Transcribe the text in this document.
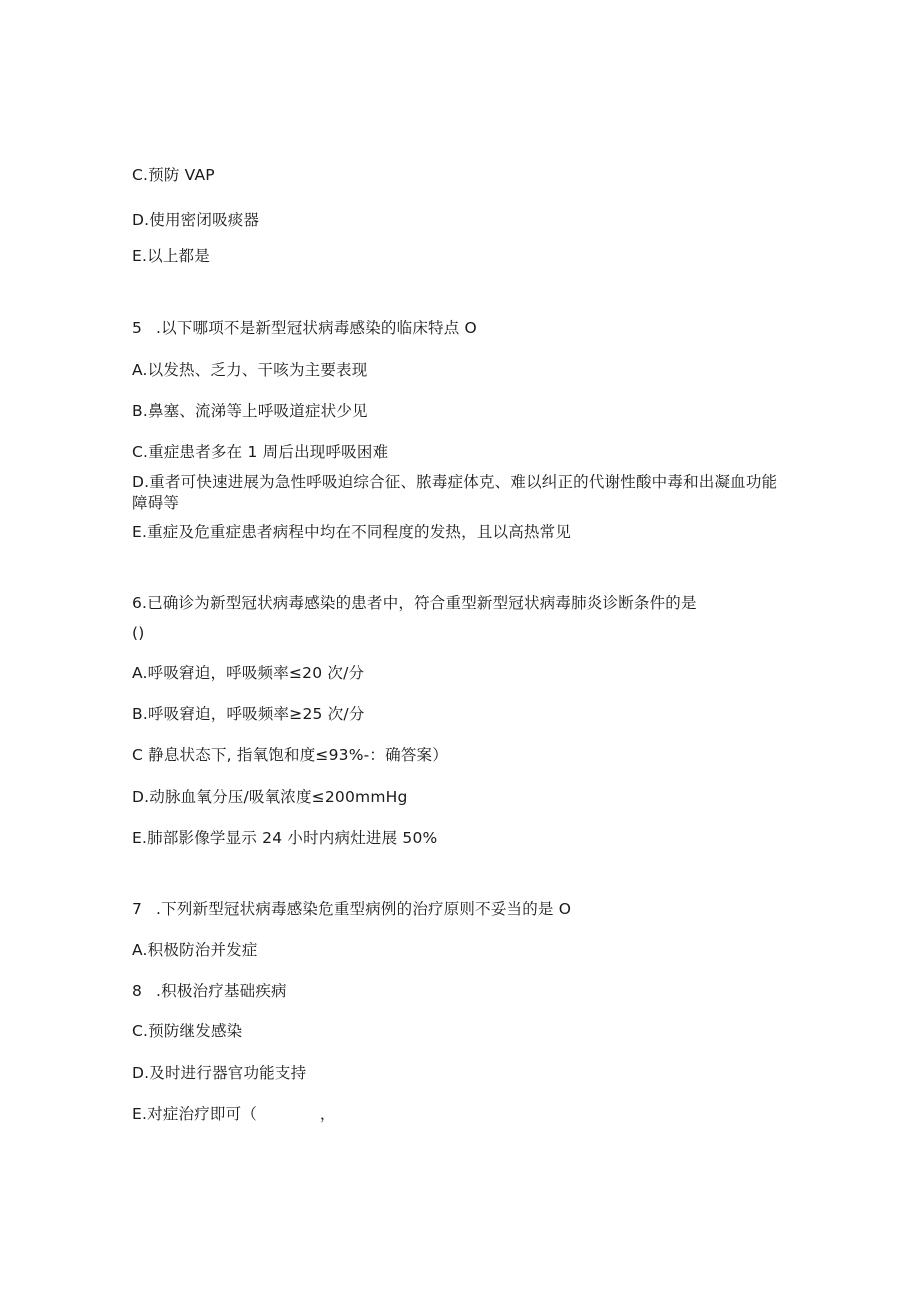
C.预防 VAP
D.使用密闭吸痰器
E.以上都是
5 .以下哪项不是新型冠状病毒感染的临床特点 O
A.以发热、乏力、干咳为主要表现
B.鼻塞、流涕等上呼吸道症状少见
C.重症患者多在 1 周后出现呼吸困难
D.重者可快速进展为急性呼吸迫综合征、脓毒症体克、难以纠正的代谢性酸中毒和出凝血功能障碍等
E.重症及危重症患者病程中均在不同程度的发热，且以高热常见
6.已确诊为新型冠状病毒感染的患者中，符合重型新型冠状病毒肺炎诊断条件的是
()
A.呼吸窘迫，呼吸频率≤20 次/分
B.呼吸窘迫，呼吸频率≥25 次/分
C 静息状态下, 指氧饱和度≤93%-：确答案）
D.动脉血氧分压/吸氧浓度≤200mmHg
E.肺部影像学显示 24 小时内病灶进展 50%
7 .下列新型冠状病毒感染危重型病例的治疗原则不妥当的是 O
A.积极防治并发症
8 .积极治疗基础疾病
C.预防继发感染
D.及时进行器官功能支持
E.对症治疗即可（　　　　，
